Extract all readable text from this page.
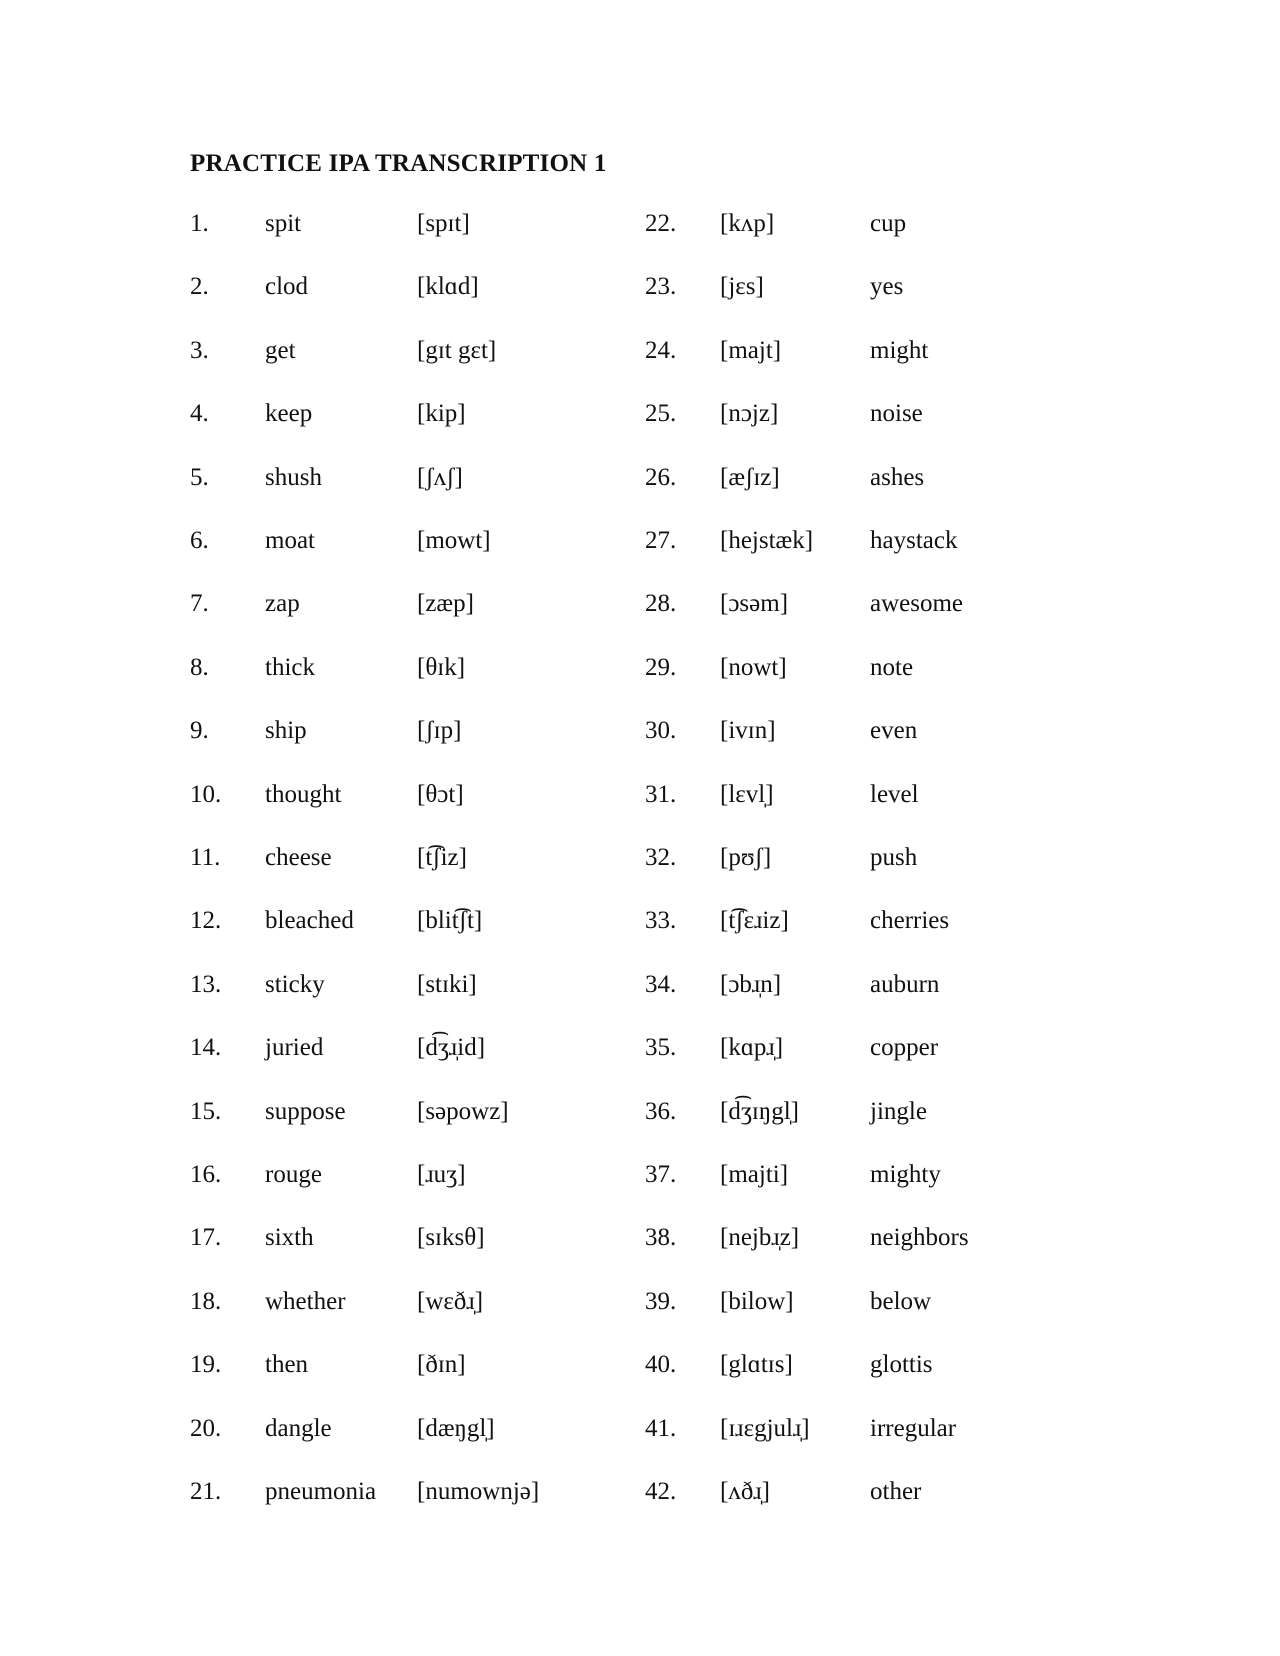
PRACTICE IPA TRANSCRIPTION 1
1. spit	[spɪt]
2. clod	[klɑd]
3. get	[gɪt gɛt]
4. keep	[kip]
5. shush	[ʃʌʃ]
6. moat	[mowt]
7. zap	[zæp]
8. thick	[θɪk]
9. ship	[ʃɪp]
10. thought	[θɔt]
11. cheese	[t͡ʃiz]
12. bleached	[blit͡ʃt]
13. sticky	[stɪki]
14. juried	[d͡ʒɹ̩id]
15. suppose	[səpowz]
16. rouge	[ɹuʒ]
17. sixth	[sɪksθ]
18. whether	[wɛðɹ̩]
19. then	[ðɪn]
20. dangle	[dæŋgl̩]
21. pneumonia [numownjə]
22. [kʌp]	cup
23. [jɛs]	yes
24. [majt]	might
25. [nɔjz]	noise
26. [æʃɪz]	ashes
27. [hejstæk] haystack
28. [ɔsəm]	awesome
29. [nowt]	note
30. [ivɪn]	even
31. [lɛvl̩]	level
32. [pʊʃ]	push
33. [t͡ʃɛɹiz]	cherries
34. [ɔbɹ̩n]	auburn
35. [kɑpɹ̩]	copper
36. [d͡ʒɪŋgl̩]	jingle
37. [majti]	mighty
38. [nejbɹ̩z]	neighbors
39. [bilow]	below
40. [glɑtɪs]	glottis
41. [ɪɹɛgjulɹ̩] irregular
42. [ʌðɹ̩]	other
